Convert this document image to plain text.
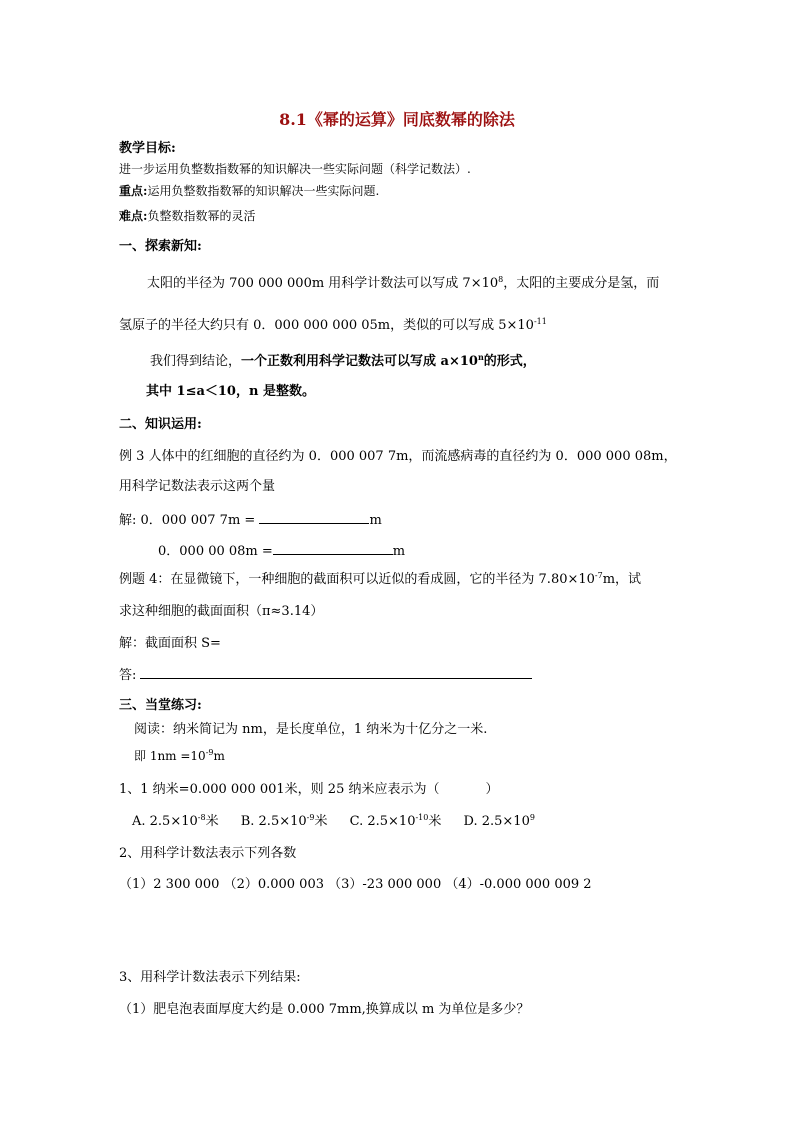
8.1《幂的运算》同底数幂的除法
教学目标:
进一步运用负整数指数幂的知识解决一些实际问题（科学记数法）.
重点:运用负整数指数幂的知识解决一些实际问题.
难点:负整数指数幂的灵活
一、探索新知:
太阳的半径为 700 000 000m 用科学计数法可以写成 $7\times 10^8$，太阳的主要成分是氢，而
氢原子的半径大约只有 0．000 000 000 05m，类似的可以写成 $5\times 10^{-11}$
我们得到结论，一个正数利用科学记数法可以写成 $a\times 10^n$的形式，
其中 1≤a＜10，n 是整数。
二、知识运用:
例 3 人体中的红细胞的直径约为 0．000 007 7m，而流感病毒的直径约为 0．000 000 08m，
用科学记数法表示这两个量
解: 0．000 007 7m =	m
0．000 00 08m =	m
例题 4：在显微镜下，一种细胞的截面积可以近似的看成圆，它的半径为 $7.80\times 10^{-7}m$，试
求这种细胞的截面面积（π≈3.14）
解：截面面积 S=
答:
三、当堂练习:
阅读：纳米简记为 nm，是长度单位，1 纳米为十亿分之一米.
即 $1nm =10^{-9}m$
1、1 纳米=0.000 000 001米，则 25 纳米应表示为（	）
A. $2.5\times 10^{-8}$米 B. $2.5\times 10^{-9}$米 C. $2.5\times 10^{-10}$米 D. $2.5\times 10^9$
2、用科学计数法表示下列各数
（1）2 300 000 （2）0.000 003 （3）-23 000 000 （4）-0.000 000 009 2
3、用科学计数法表示下列结果:
（1）肥皂泡表面厚度大约是 0.000 7mm,换算成以 m 为单位是多少？
